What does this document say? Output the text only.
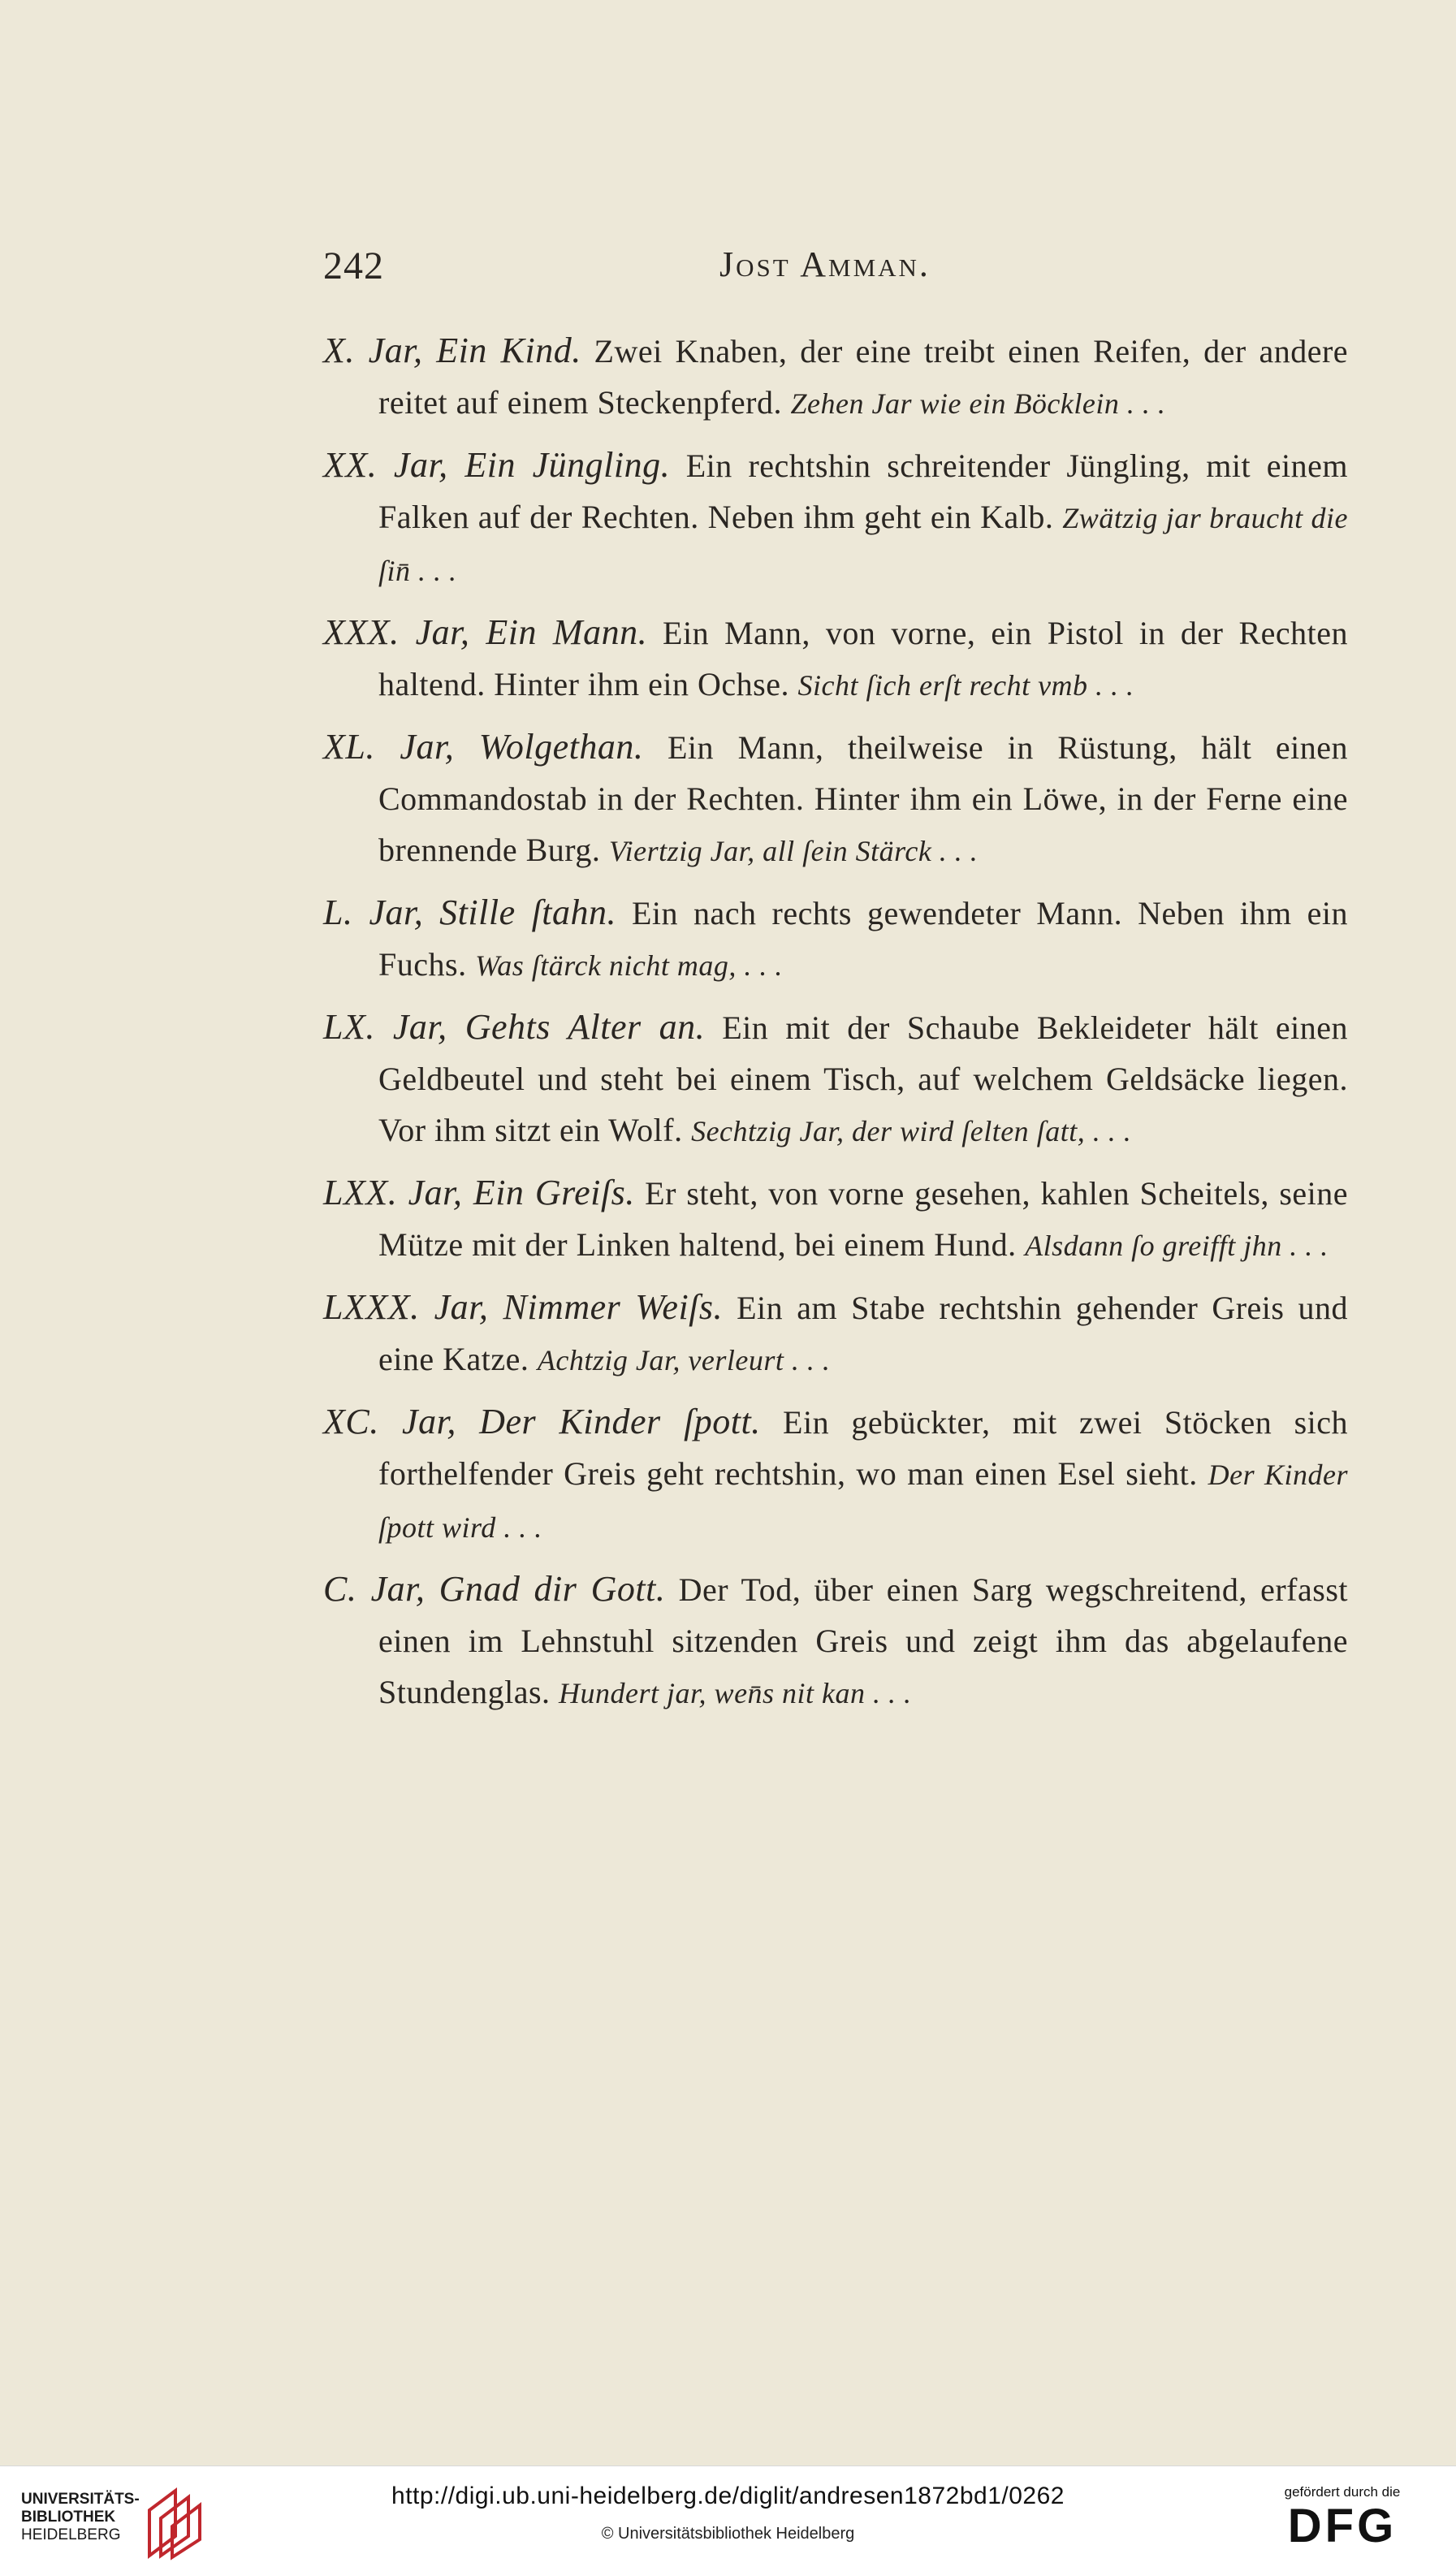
242	Jost Amman.

X. Jar, Ein Kind. Zwei Knaben, der eine treibt einen Reifen, der andere reitet auf einem Steckenpferd. Zehen Jar wie ein Böcklein . . .

XX. Jar, Ein Jüngling. Ein rechtshin schreitender Jüngling, mit einem Falken auf der Rechten. Neben ihm geht ein Kalb. Zwätzig jar braucht die ſin̄ . . .

XXX. Jar, Ein Mann. Ein Mann, von vorne, ein Pistol in der Rechten haltend. Hinter ihm ein Ochse. Sicht ſich erſt recht vmb . . .

XL. Jar, Wolgethan. Ein Mann, theilweise in Rüstung, hält einen Commandostab in der Rechten. Hinter ihm ein Löwe, in der Ferne eine brennende Burg. Viertzig Jar, all ſein Stärck . . .

L. Jar, Stille ſtahn. Ein nach rechts gewendeter Mann. Neben ihm ein Fuchs. Was ſtärck nicht mag, . . .

LX. Jar, Gehts Alter an. Ein mit der Schaube Bekleideter hält einen Geldbeutel und steht bei einem Tisch, auf welchem Geldsäcke liegen. Vor ihm sitzt ein Wolf. Sechtzig Jar, der wird ſelten ſatt, . . .

LXX. Jar, Ein Greiſs. Er steht, von vorne gesehen, kahlen Scheitels, seine Mütze mit der Linken haltend, bei einem Hund. Alsdann ſo greifft jhn . . .

LXXX. Jar, Nimmer Weiſs. Ein am Stabe rechtshin gehender Greis und eine Katze. Achtzig Jar, verleurt . . .

XC. Jar, Der Kinder ſpott. Ein gebückter, mit zwei Stöcken sich forthelfender Greis geht rechtshin, wo man einen Esel sieht. Der Kinder ſpott wird . . .

C. Jar, Gnad dir Gott. Der Tod, über einen Sarg wegschreitend, erfasst einen im Lehnstuhl sitzenden Greis und zeigt ihm das abgelaufene Stundenglas. Hundert jar, wen̄s nit kan . . .

UNIVERSITÄTS-
BIBLIOTHEK
HEIDELBERG
http://digi.ub.uni-heidelberg.de/diglit/andresen1872bd1/0262
© Universitätsbibliothek Heidelberg
gefördert durch die
DFG
